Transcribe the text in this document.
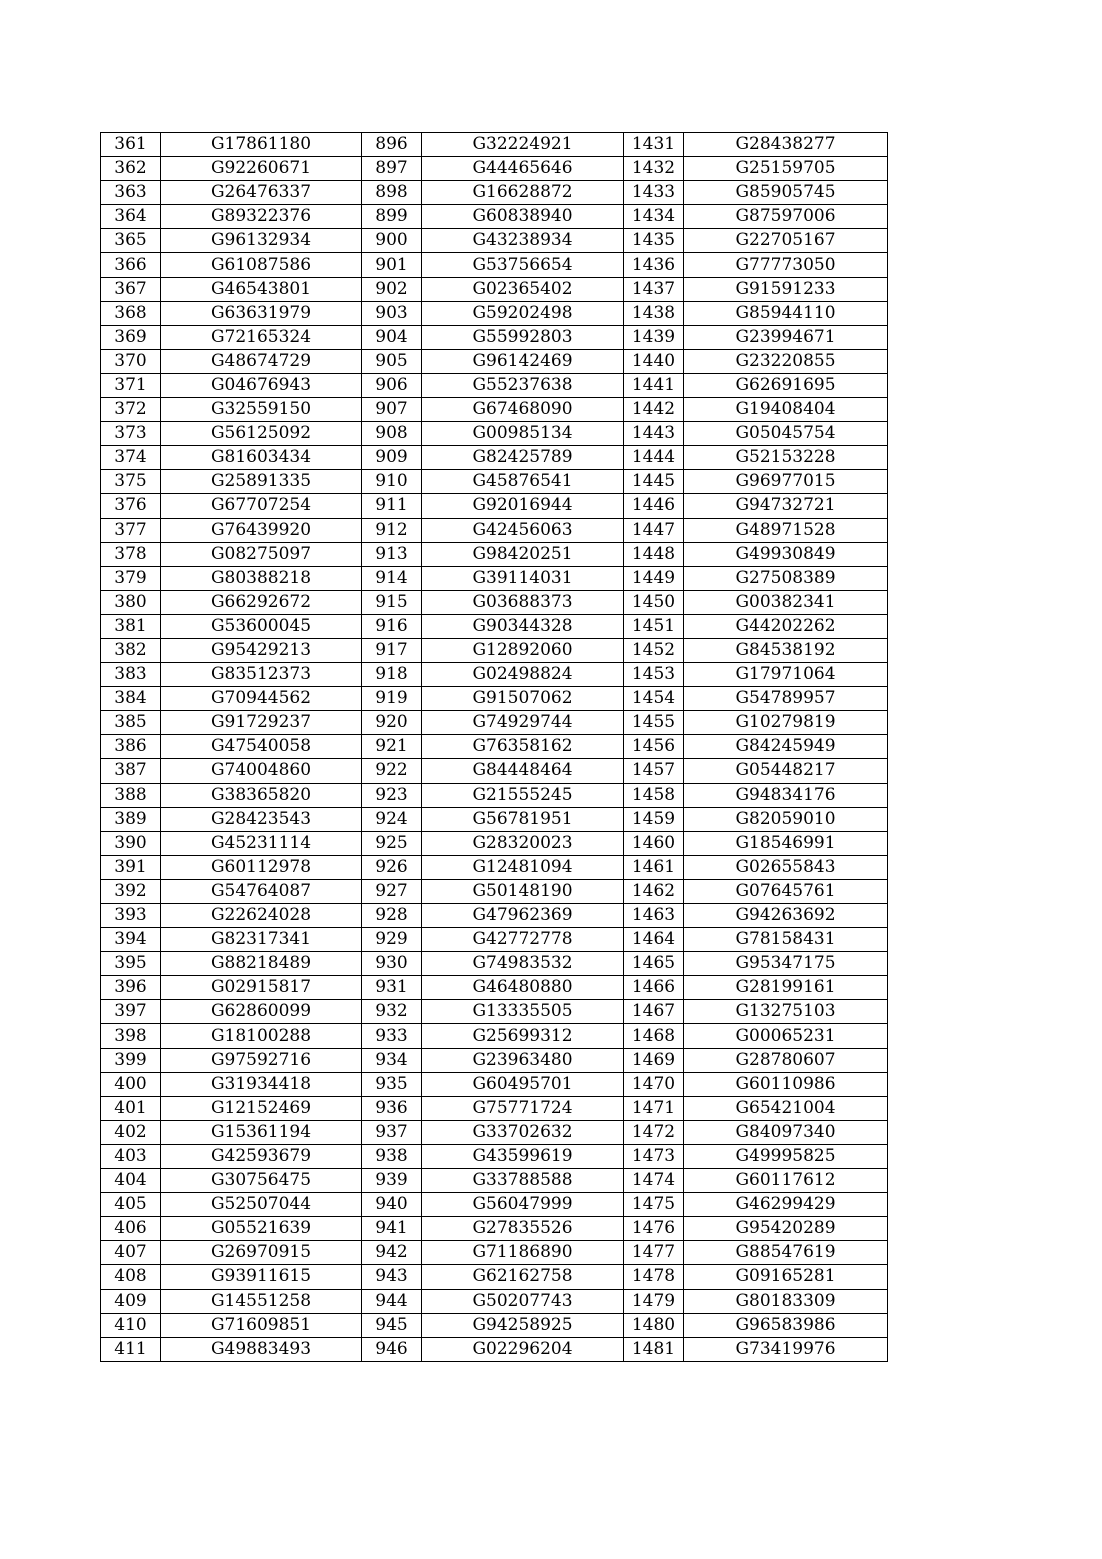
361	G17861180	896	G32224921	1431	G28438277
362	G92260671	897	G44465646	1432	G25159705
363	G26476337	898	G16628872	1433	G85905745
364	G89322376	899	G60838940	1434	G87597006
365	G96132934	900	G43238934	1435	G22705167
366	G61087586	901	G53756654	1436	G77773050
367	G46543801	902	G02365402	1437	G91591233
368	G63631979	903	G59202498	1438	G85944110
369	G72165324	904	G55992803	1439	G23994671
370	G48674729	905	G96142469	1440	G23220855
371	G04676943	906	G55237638	1441	G62691695
372	G32559150	907	G67468090	1442	G19408404
373	G56125092	908	G00985134	1443	G05045754
374	G81603434	909	G82425789	1444	G52153228
375	G25891335	910	G45876541	1445	G96977015
376	G67707254	911	G92016944	1446	G94732721
377	G76439920	912	G42456063	1447	G48971528
378	G08275097	913	G98420251	1448	G49930849
379	G80388218	914	G39114031	1449	G27508389
380	G66292672	915	G03688373	1450	G00382341
381	G53600045	916	G90344328	1451	G44202262
382	G95429213	917	G12892060	1452	G84538192
383	G83512373	918	G02498824	1453	G17971064
384	G70944562	919	G91507062	1454	G54789957
385	G91729237	920	G74929744	1455	G10279819
386	G47540058	921	G76358162	1456	G84245949
387	G74004860	922	G84448464	1457	G05448217
388	G38365820	923	G21555245	1458	G94834176
389	G28423543	924	G56781951	1459	G82059010
390	G45231114	925	G28320023	1460	G18546991
391	G60112978	926	G12481094	1461	G02655843
392	G54764087	927	G50148190	1462	G07645761
393	G22624028	928	G47962369	1463	G94263692
394	G82317341	929	G42772778	1464	G78158431
395	G88218489	930	G74983532	1465	G95347175
396	G02915817	931	G46480880	1466	G28199161
397	G62860099	932	G13335505	1467	G13275103
398	G18100288	933	G25699312	1468	G00065231
399	G97592716	934	G23963480	1469	G28780607
400	G31934418	935	G60495701	1470	G60110986
401	G12152469	936	G75771724	1471	G65421004
402	G15361194	937	G33702632	1472	G84097340
403	G42593679	938	G43599619	1473	G49995825
404	G30756475	939	G33788588	1474	G60117612
405	G52507044	940	G56047999	1475	G46299429
406	G05521639	941	G27835526	1476	G95420289
407	G26970915	942	G71186890	1477	G88547619
408	G93911615	943	G62162758	1478	G09165281
409	G14551258	944	G50207743	1479	G80183309
410	G71609851	945	G94258925	1480	G96583986
411	G49883493	946	G02296204	1481	G73419976
